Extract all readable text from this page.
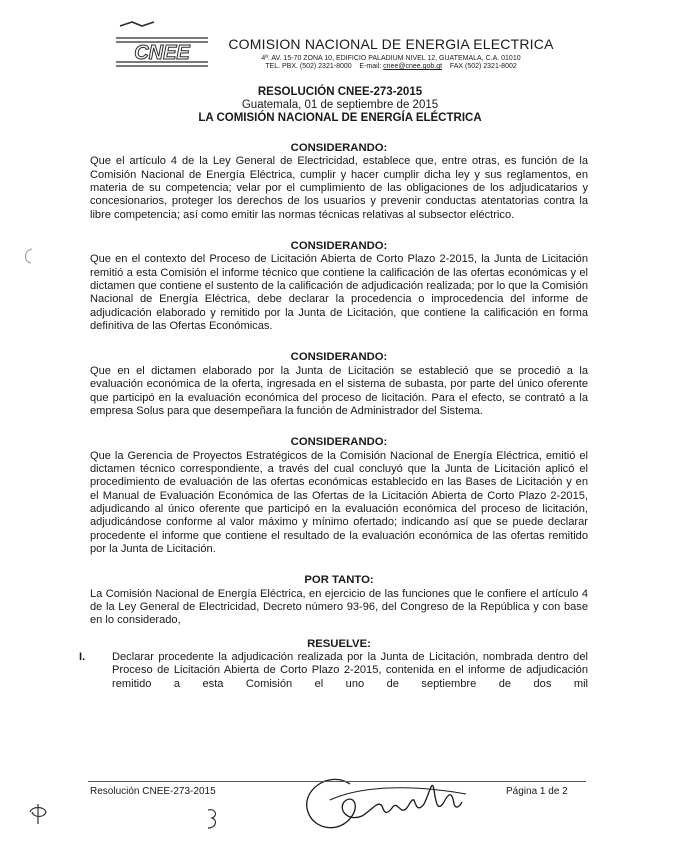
CNEE	COMISION NACIONAL DE ENERGIA ELECTRICA
4ª. AV. 15-70 ZONA 10, EDIFICIO PALADIUM NIVEL 12, GUATEMALA, C.A. 01010
TEL. PBX. (502) 2321-8000 E-mail: cnee@cnee.gob.gt FAX (502) 2321-8002
RESOLUCIÓN CNEE-273-2015
Guatemala, 01 de septiembre de 2015
LA COMISIÓN NACIONAL DE ENERGÍA ELÉCTRICA
CONSIDERANDO:

Que el artículo 4 de la Ley General de Electricidad, establece que, entre otras, es función de la Comisión Nacional de Energía Eléctrica, cumplir y hacer cumplir dicha ley y sus reglamentos, en materia de su competencia; velar por el cumplimiento de las obligaciones de los adjudicatarios y concesionarios, proteger los derechos de los usuarios y prevenir conductas atentatorias contra la libre competencia; así como emitir las normas técnicas relativas al subsector eléctrico.

CONSIDERANDO:

Que en el contexto del Proceso de Licitación Abierta de Corto Plazo 2-2015, la Junta de Licitación remitió a esta Comisión el informe técnico que contiene la calificación de las ofertas económicas y el dictamen que contiene el sustento de la calificación de adjudicación realizada; por lo que la Comisión Nacional de Energía Eléctrica, debe declarar la procedencia o improcedencia del informe de adjudicación elaborado y remitido por la Junta de Licitación, que contiene la calificación en forma definitiva de las Ofertas Económicas.

CONSIDERANDO:

Que en el dictamen elaborado por la Junta de Licitación se estableció que se procedió a la evaluación económica de la oferta, ingresada en el sistema de subasta, por parte del único oferente que participó en la evaluación económica del proceso de licitación. Para el efecto, se contrató a la empresa Solus para que desempeñara la función de Administrador del Sistema.

CONSIDERANDO:

Que la Gerencia de Proyectos Estratégicos de la Comisión Nacional de Energía Eléctrica, emitió el dictamen técnico correspondiente, a través del cual concluyó que la Junta de Licitación aplicó el procedimiento de evaluación de las ofertas económicas establecido en las Bases de Licitación y en el Manual de Evaluación Económica de las Ofertas de la Licitación Abierta de Corto Plazo 2-2015, adjudicando al único oferente que participó en la evaluación económica del proceso de licitación, adjudicándose conforme al valor máximo y mínimo ofertado; indicando así que se puede declarar procedente el informe que contiene el resultado de la evaluación económica de las ofertas remitido por la Junta de Licitación.

POR TANTO:

La Comisión Nacional de Energía Eléctrica, en ejercicio de las funciones que le confiere el artículo 4 de la Ley General de Electricidad, Decreto número 93-96, del Congreso de la República y con base en lo considerado,

RESUELVE:
I.	Declarar procedente la adjudicación realizada por la Junta de Licitación, nombrada dentro del Proceso de Licitación Abierta de Corto Plazo 2-2015, contenida en el informe de adjudicación remitido a esta Comisión el uno de septiembre de dos mil
Resolución CNEE-273-2015	Página 1 de 2
